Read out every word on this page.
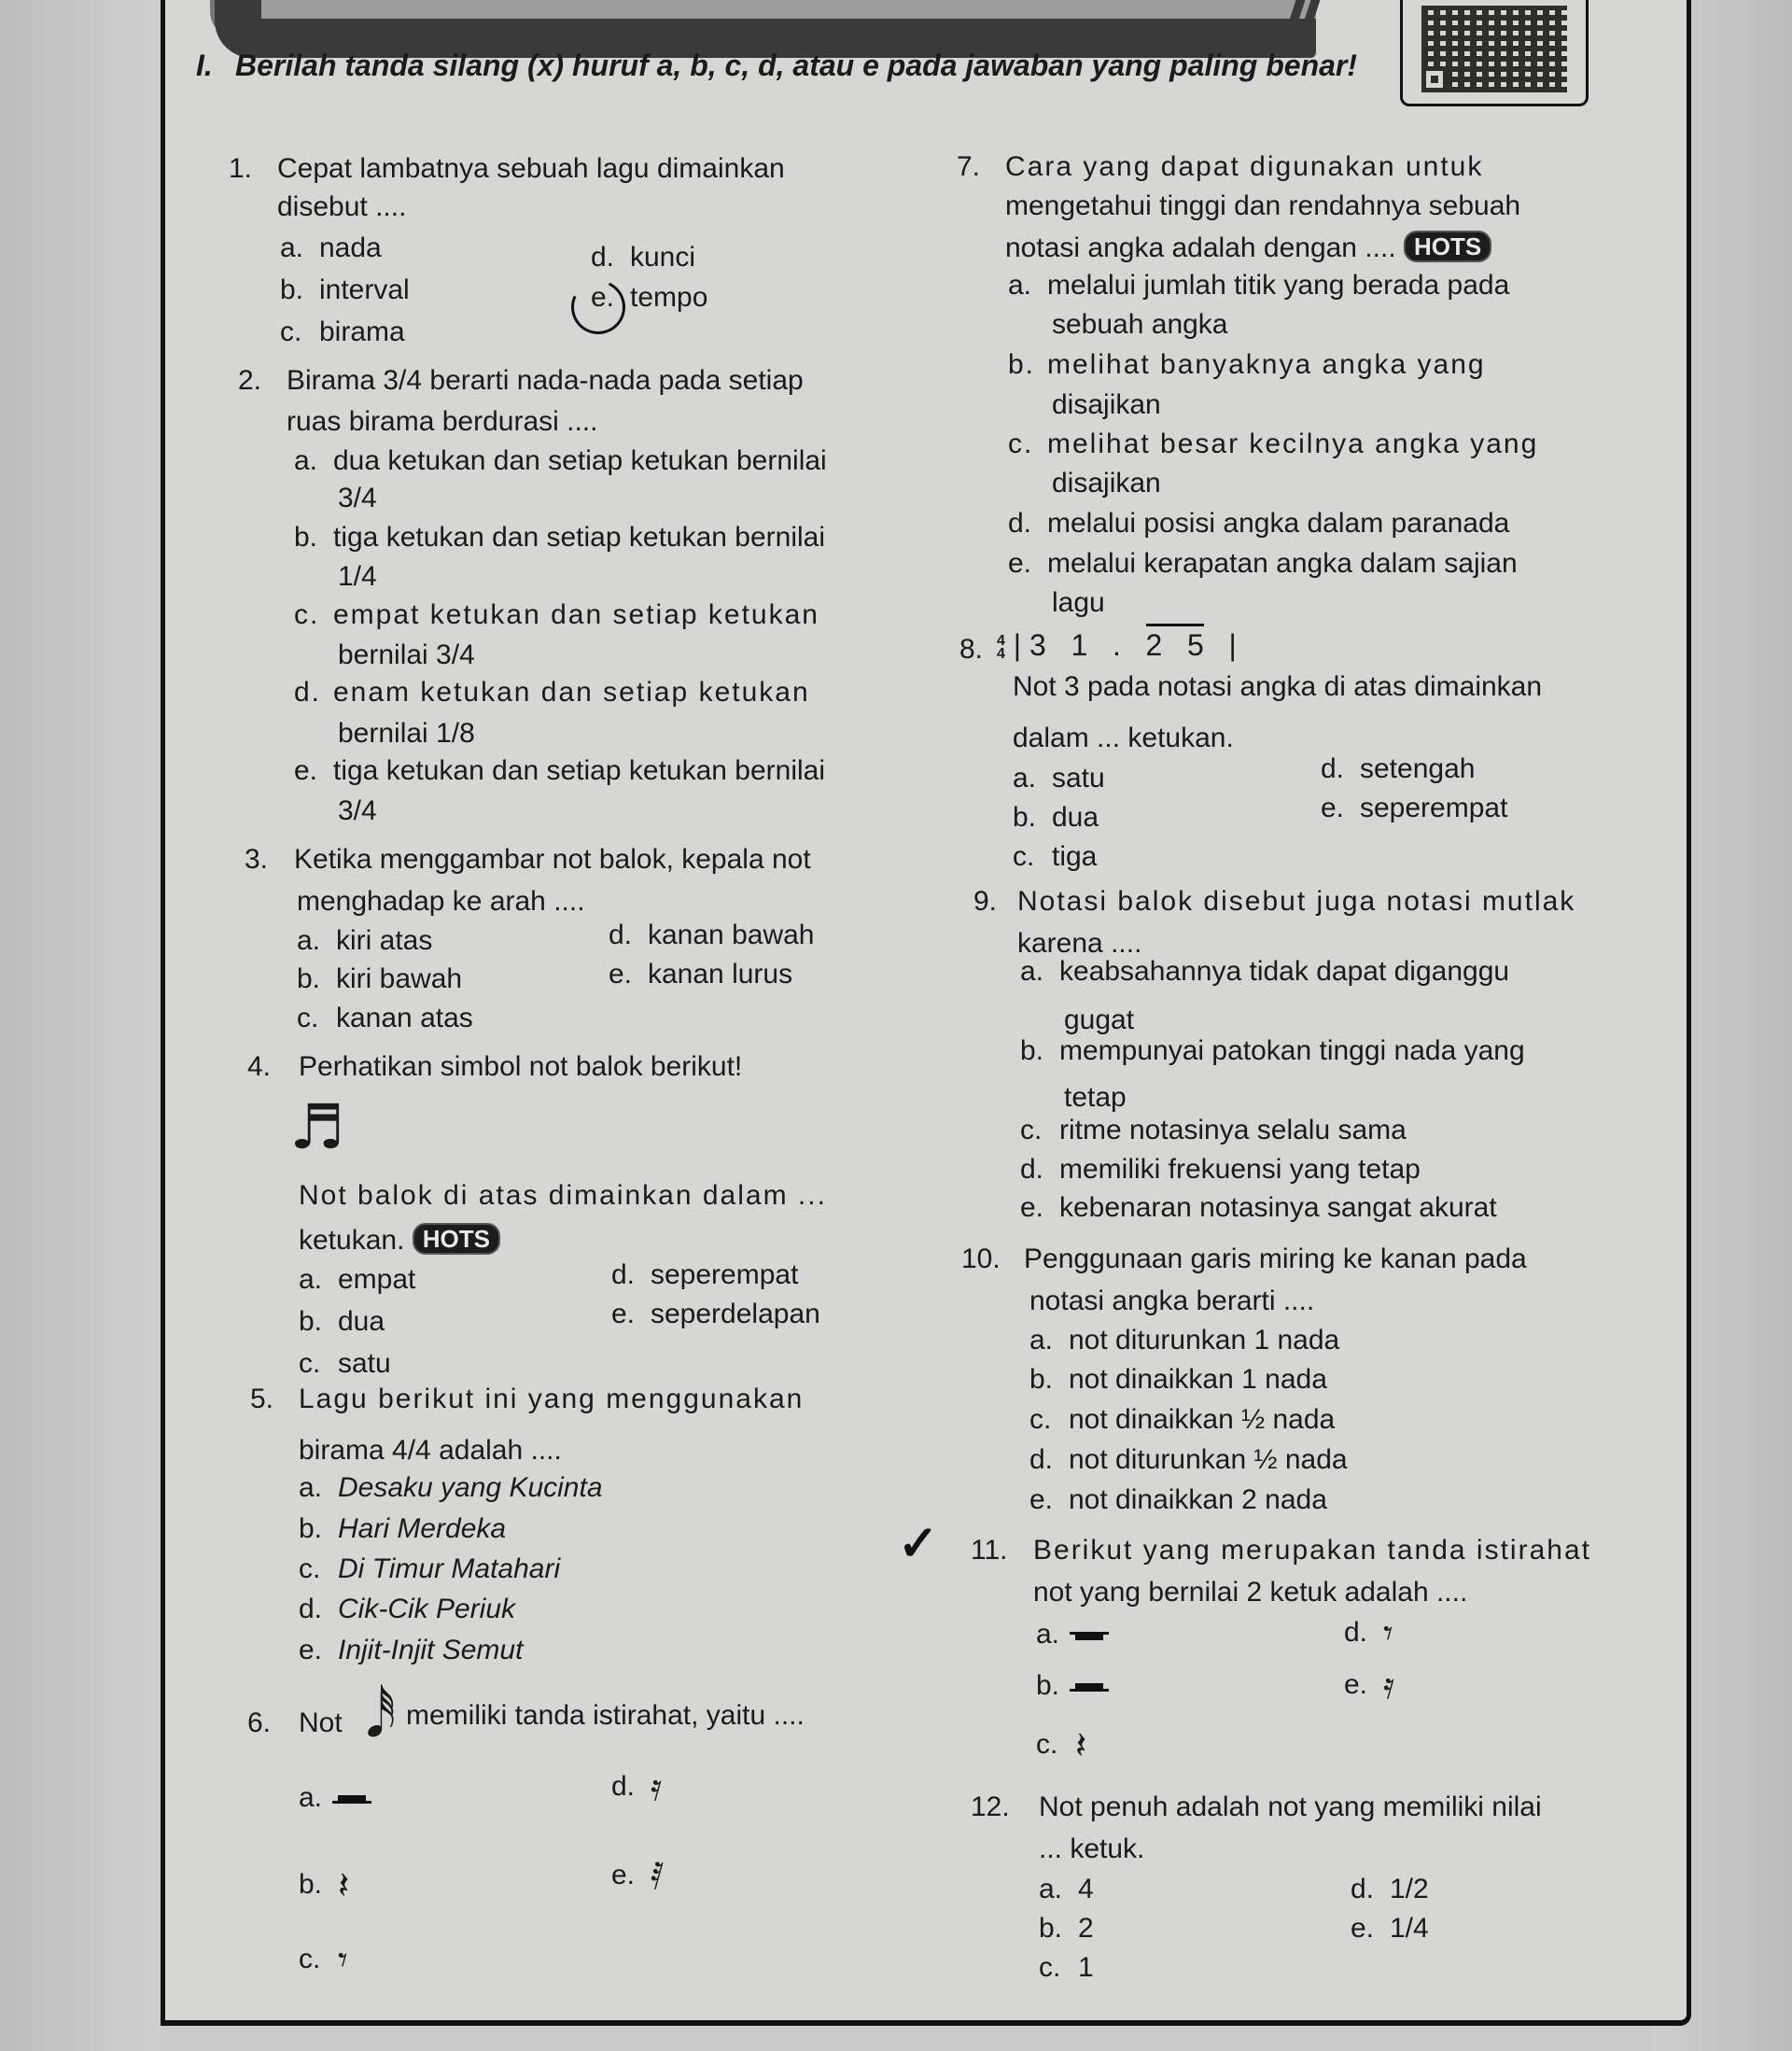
I. Berilah tanda silang (x) huruf a, b, c, d, atau e pada jawaban yang paling benar!
1. Cepat lambatnya sebuah lagu dimainkan
disebut ....
a. nada
b. interval
c. birama
d. kunci
e. tempo
2. Birama 3/4 berarti nada-nada pada setiap
ruas birama berdurasi ....
a. dua ketukan dan setiap ketukan bernilai
3/4
b. tiga ketukan dan setiap ketukan bernilai
1/4
c. empat ketukan dan setiap ketukan
bernilai 3/4
d. enam ketukan dan setiap ketukan
bernilai 1/8
e. tiga ketukan dan setiap ketukan bernilai
3/4
3. Ketika menggambar not balok, kepala not
menghadap ke arah ....
a. kiri atas
b. kiri bawah
c. kanan atas
d. kanan bawah
e. kanan lurus
4. Perhatikan simbol not balok berikut!
♬
Not balok di atas dimainkan dalam ...
ketukan. HOTS
a. empat
b. dua
c. satu
d. seperempat
e. seperdelapan
5. Lagu berikut ini yang menggunakan
birama 4/4 adalah ....
a. Desaku yang Kucinta
b. Hari Merdeka
c. Di Timur Matahari
d. Cik-Cik Periuk
e. Injit-Injit Semut
6. Not 𝅘𝅥𝅰 memiliki tanda istirahat, yaitu ....
a.
b. 𝄽
c. 𝄾
d. 𝄿
e. 𝅀
7. Cara yang dapat digunakan untuk
mengetahui tinggi dan rendahnya sebuah
notasi angka adalah dengan .... HOTS
a. melalui jumlah titik yang berada pada
sebuah angka
b. melihat banyaknya angka yang
disajikan
c. melihat besar kecilnya angka yang
disajikan
d. melalui posisi angka dalam paranada
e. melalui kerapatan angka dalam sajian
lagu
8. 4
4 | 3 1 . 2 5 |
Not 3 pada notasi angka di atas dimainkan
dalam ... ketukan.
a. satu
b. dua
c. tiga
d. setengah
e. seperempat
9. Notasi balok disebut juga notasi mutlak
karena ....
a. keabsahannya tidak dapat diganggu
gugat
b. mempunyai patokan tinggi nada yang
tetap
c. ritme notasinya selalu sama
d. memiliki frekuensi yang tetap
e. kebenaran notasinya sangat akurat
10. Penggunaan garis miring ke kanan pada
notasi angka berarti ....
a. not diturunkan 1 nada
b. not dinaikkan 1 nada
c. not dinaikkan ½ nada
d. not diturunkan ½ nada
e. not dinaikkan 2 nada
✓ 11. Berikut yang merupakan tanda istirahat
not yang bernilai 2 ketuk adalah ....
a.
b.
c. 𝄽
d. 𝄾
e. 𝄿
12. Not penuh adalah not yang memiliki nilai
... ketuk.
a. 4
b. 2
c. 1
d. 1/2
e. 1/4
